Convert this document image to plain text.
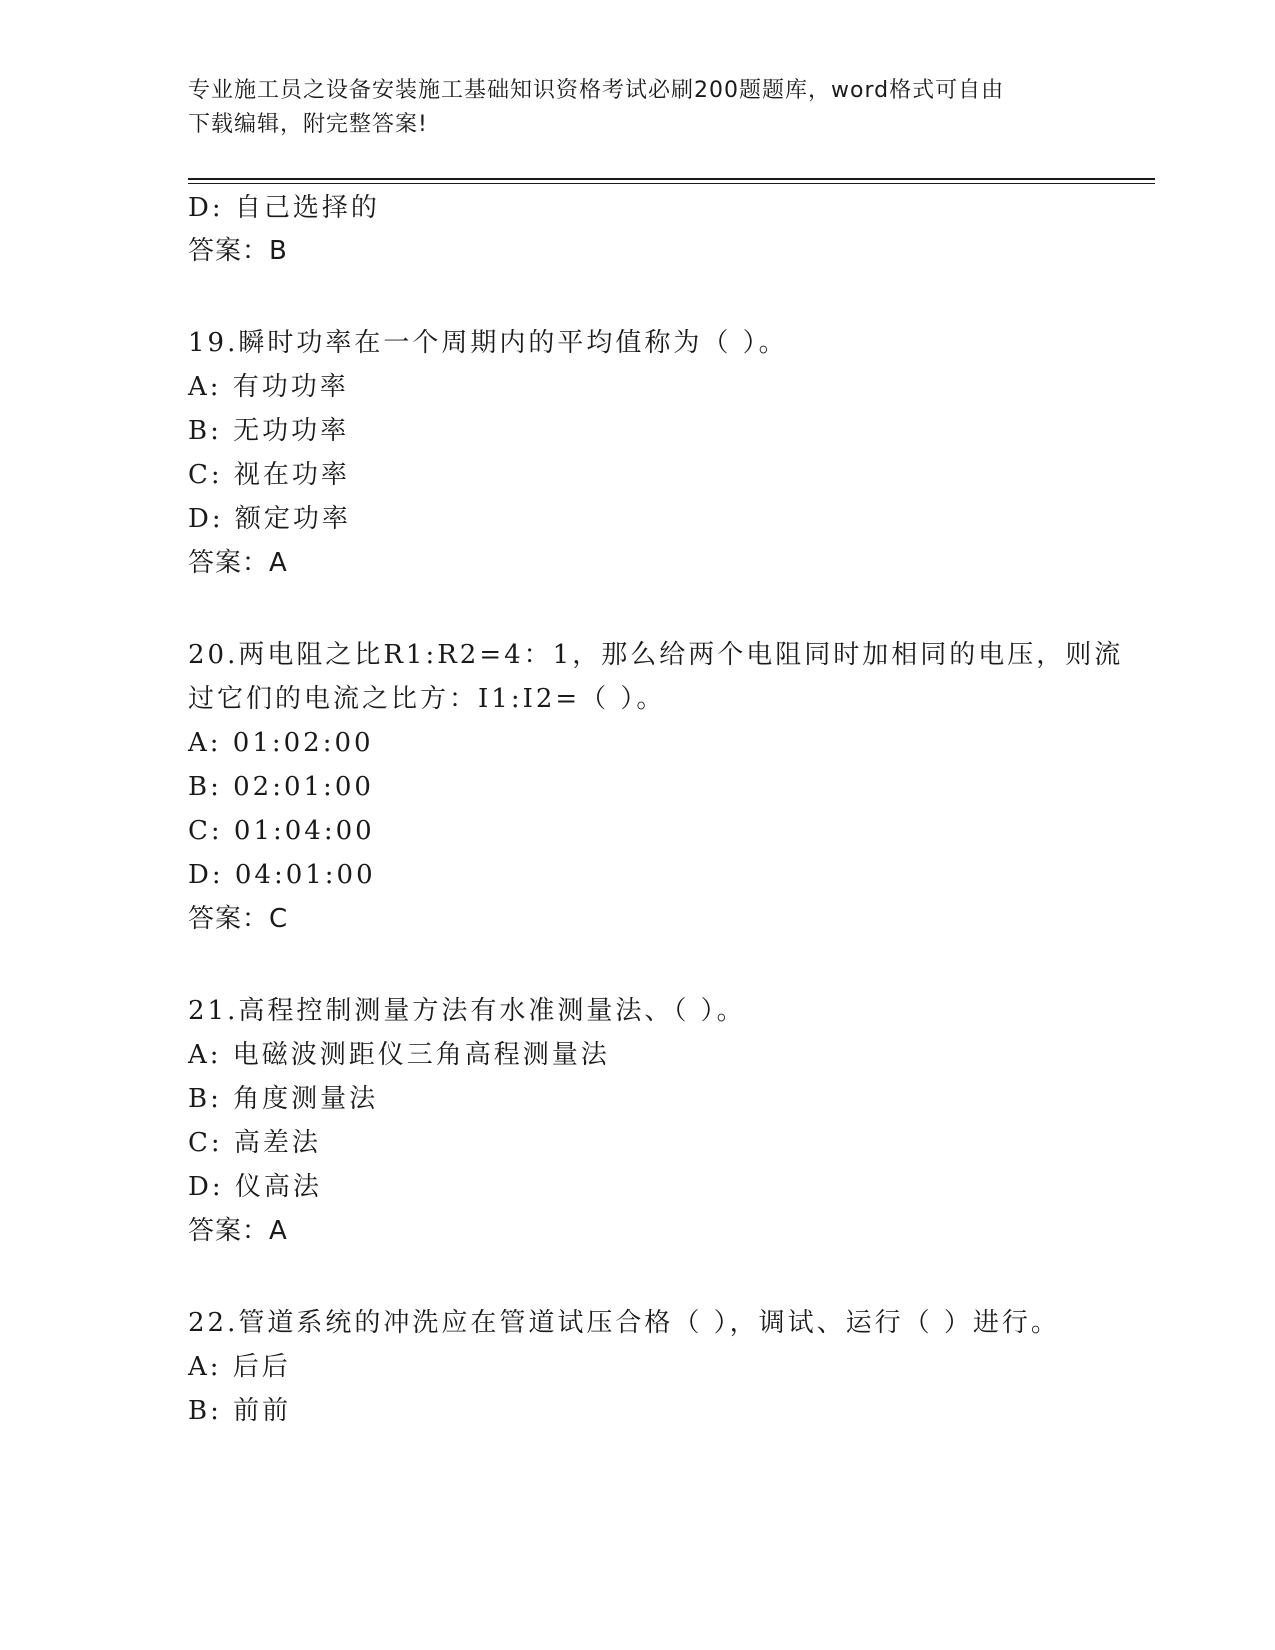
专业施工员之设备安装施工基础知识资格考试必刷200题题库，word格式可自由
下载编辑，附完整答案!
D: 自己选择的
答案：B
19.瞬时功率在一个周期内的平均值称为（ ）。
A: 有功功率
B: 无功功率
C: 视在功率
D: 额定功率
答案：A
20.两电阻之比R1:R2=4：1，那么给两个电阻同时加相同的电压，则流
过它们的电流之比方：I1:I2=（ ）。
A: 01:02:00
B: 02:01:00
C: 01:04:00
D: 04:01:00
答案：C
21.高程控制测量方法有水准测量法、（ ）。
A: 电磁波测距仪三角高程测量法
B: 角度测量法
C: 高差法
D: 仪高法
答案：A
22.管道系统的冲洗应在管道试压合格（ ），调试、运行（ ）进行。
A: 后后
B: 前前
